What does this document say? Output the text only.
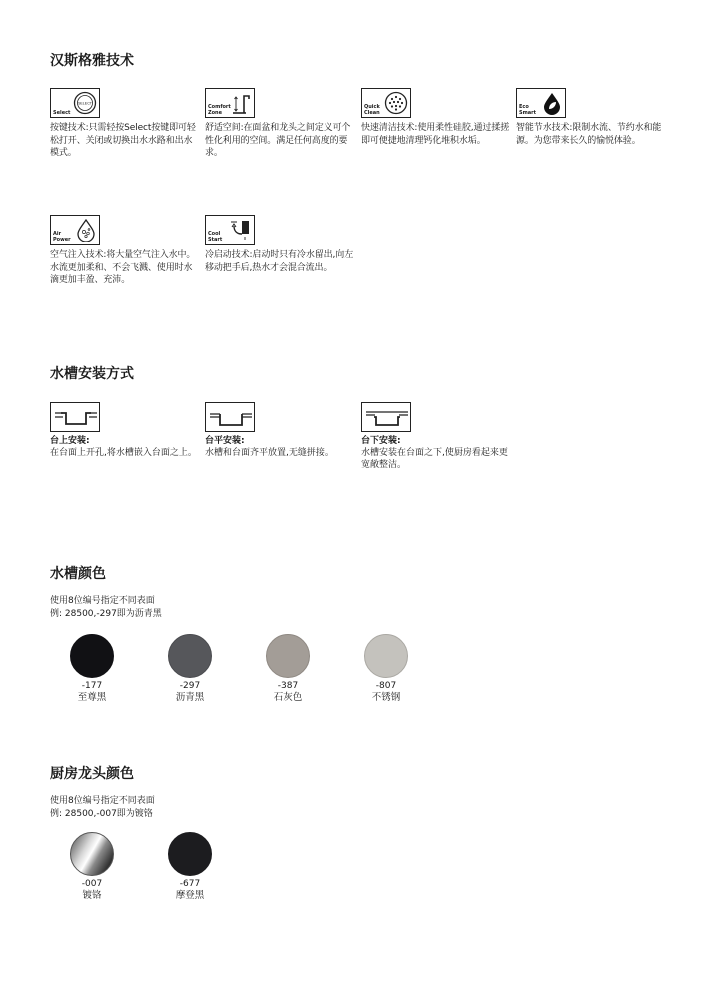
汉斯格雅技术
Select
SELECT
按键技术:只需轻按Select按键即可轻松打开、关闭或切换出水水路和出水模式。
Comfort
Zone
舒适空间:在面盆和龙头之间定义可个性化利用的空间。满足任何高度的要求。
Quick
Clean
快速清洁技术:使用柔性硅胶,通过揉搓即可便捷地清理钙化堆积水垢。
Eco
Smart
智能节水技术:限制水流、节约水和能源。为您带来长久的愉悦体验。
Air
Power
空气注入技术:将大量空气注入水中。水流更加柔和、不会飞溅、使用时水滴更加丰盈、充沛。
Cool
Start
冷启动技术:启动时只有冷水留出,向左移动把手后,热水才会混合流出。
水槽安装方式
台上安装:
在台面上开孔,将水槽嵌入台面之上。
台平安装:
水槽和台面齐平放置,无缝拼接。
台下安装:
水槽安装在台面之下,使厨房看起来更宽敞整洁。
水槽颜色
使用8位编号指定不同表面
例: 28500,-297即为沥青黑
-177
至尊黑
-297
沥青黑
-387
石灰色
-807
不锈钢
厨房龙头颜色
使用8位编号指定不同表面
例: 28500,-007即为镀铬
-007
镀铬
-677
摩登黑
